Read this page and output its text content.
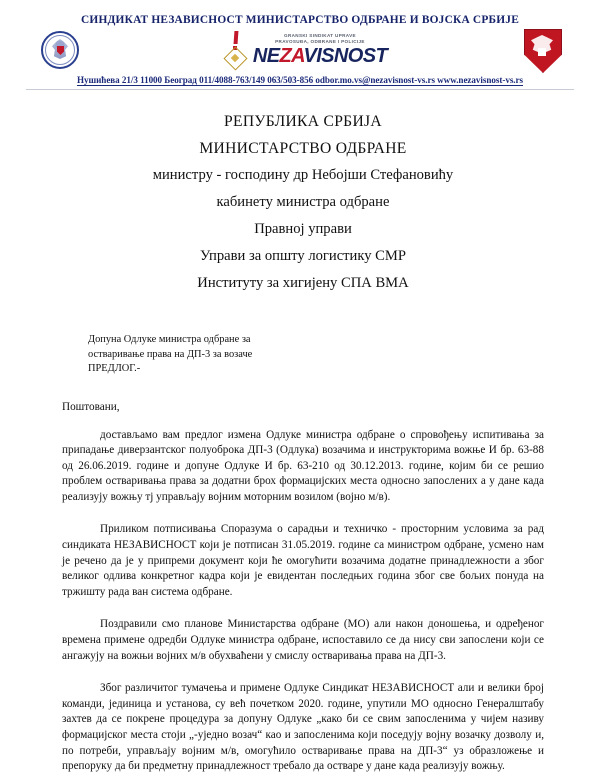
СИНДИКАТ НЕЗАВИСНОСТ МИНИСТАРСТВО ОДБРАНЕ И ВОЈСКА СРБИЈЕ
GRANSKI SINDIKAT UPRAVE
PRAVOSUĐA, ODBRANE I POLICIJE
NEZAVISNOST
Нушићева 21/3 11000 Београд 011/4088-763/149 063/503-856 odbor.mo.vs@nezavisnost-vs.rs www.nezavisnost-vs.rs
РЕПУБЛИКА СРБИЈА
МИНИСТАРСТВО ОДБРАНЕ
министру - господину др Небојши Стефановићу
кабинету министра одбране
Правној управи
Управи за општу логистику СМР
Институту за хигијену СПА ВМА
Допуна Одлуке министра одбране за
остваривање права на ДП-3 за возаче
ПРЕДЛОГ.-
Поштовани,
достављамо вам предлог измена Одлуке министра одбране о спровођењу испитивања за припадање диверзантског полуоброка ДП-3 (Одлука) возачима и инструкторима вожње И бр. 63-88 од 26.06.2019. године и допуне Одлуке И бр. 63-210 од 30.12.2013. године, којим би се решио проблем остваривања права за додатни брох формацијских места односно запослених а у дане када реализују вожњу тј управљају војним моторним возилом (војно м/в).
Приликом потписивања Споразума о сарадњи и техничко - просторним условима за рад синдиката НЕЗАВИСНОСТ који је потписан 31.05.2019. године са министром одбране, усмено нам је речено да је у припреми документ који ће омогућити возачима додатне принадлежности а због великог одлива конкретног кадра који је евидентан последњих година због све бољих понуда на тржишту рада ван система одбране.
Поздравили смо планове Министарства одбране (МО) али након доношења, и одређеног времена примене одредби Одлуке министра одбране, испоставило се да нису сви запослени који се ангажују на вожњи војних м/в обухваћени у смислу остваривања права на ДП-3.
Због различитог тумачења и примене Одлуке Синдикат НЕЗАВИСНОСТ али и велики број команди, јединица и установа, су већ почетком 2020. године, упутили МО односно Генералштабу захтев да се покрене процедура за допуну Одлуке „како би се свим запосленима у чијем називу формацијског места стоји „-уједно возач“ као и запосленима који поседују војну возачку дозволу и, по потреби, управљају војним м/в, омогућило остваривање права на ДП-3“ уз образложење и препоруку да би предметну принадлежност требало да остваре у дане када реализују вожњу.
